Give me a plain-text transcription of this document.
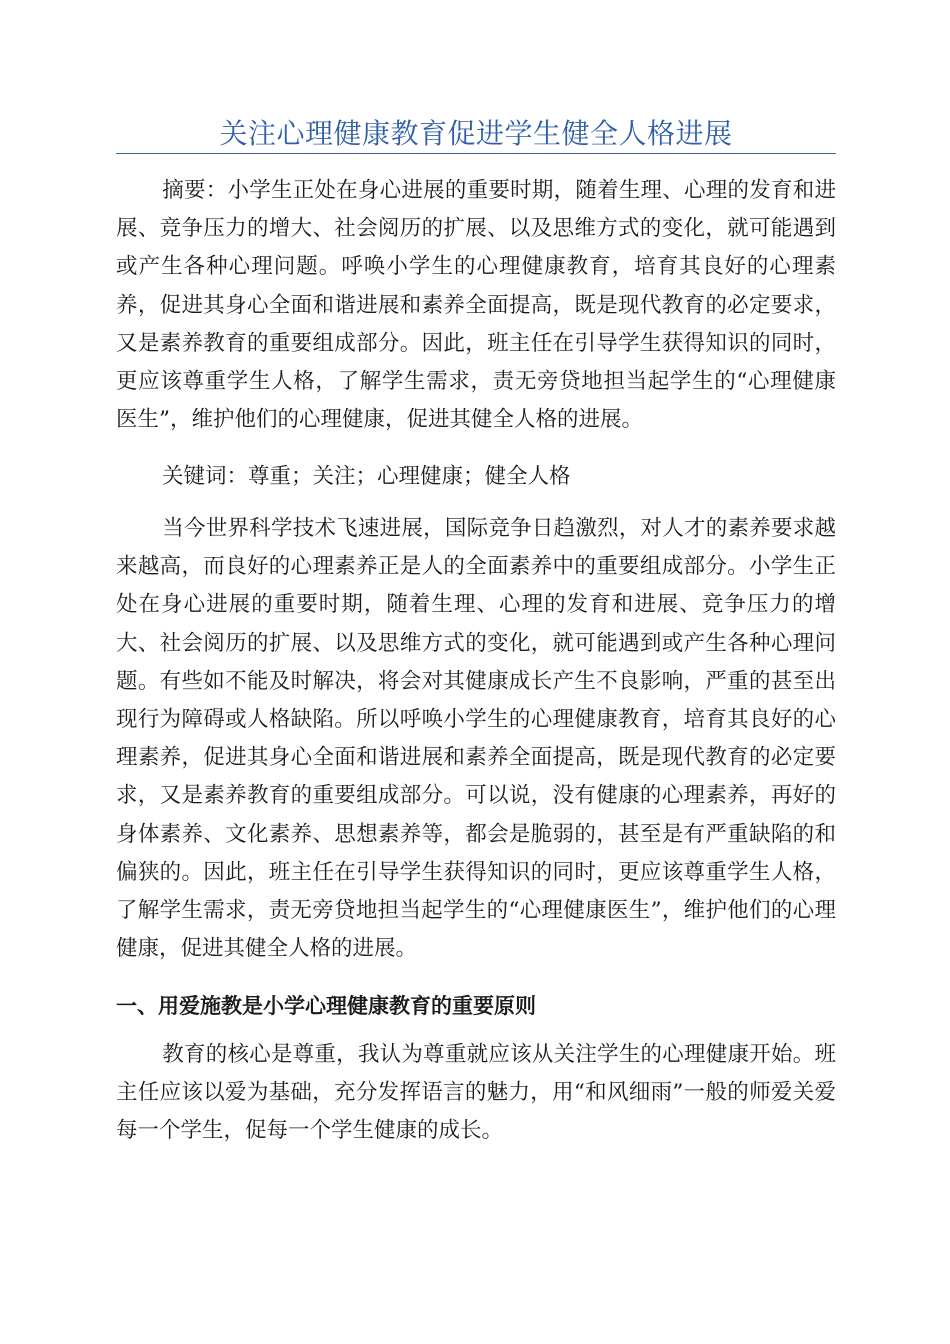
关注心理健康教育促进学生健全人格进展

摘要：小学生正处在身心进展的重要时期，随着生理、心理的发育和进展、竞争压力的增大、社会阅历的扩展、以及思维方式的变化，就可能遇到或产生各种心理问题。呼唤小学生的心理健康教育，培育其良好的心理素养，促进其身心全面和谐进展和素养全面提高，既是现代教育的必定要求，又是素养教育的重要组成部分。因此，班主任在引导学生获得知识的同时，更应该尊重学生人格，了解学生需求，责无旁贷地担当起学生的“心理健康医生”，维护他们的心理健康，促进其健全人格的进展。

关键词：尊重；关注；心理健康；健全人格

当今世界科学技术飞速进展，国际竞争日趋激烈，对人才的素养要求越来越高，而良好的心理素养正是人的全面素养中的重要组成部分。小学生正处在身心进展的重要时期，随着生理、心理的发育和进展、竞争压力的增大、社会阅历的扩展、以及思维方式的变化，就可能遇到或产生各种心理问题。有些如不能及时解决，将会对其健康成长产生不良影响，严重的甚至出现行为障碍或人格缺陷。所以呼唤小学生的心理健康教育，培育其良好的心理素养，促进其身心全面和谐进展和素养全面提高，既是现代教育的必定要求，又是素养教育的重要组成部分。可以说，没有健康的心理素养，再好的身体素养、文化素养、思想素养等，都会是脆弱的，甚至是有严重缺陷的和偏狭的。因此，班主任在引导学生获得知识的同时，更应该尊重学生人格，了解学生需求，责无旁贷地担当起学生的“心理健康医生”，维护他们的心理健康，促进其健全人格的进展。

一、用爱施教是小学心理健康教育的重要原则

教育的核心是尊重，我认为尊重就应该从关注学生的心理健康开始。班主任应该以爱为基础，充分发挥语言的魅力，用“和风细雨”一般的师爱关爱每一个学生，促每一个学生健康的成长。
